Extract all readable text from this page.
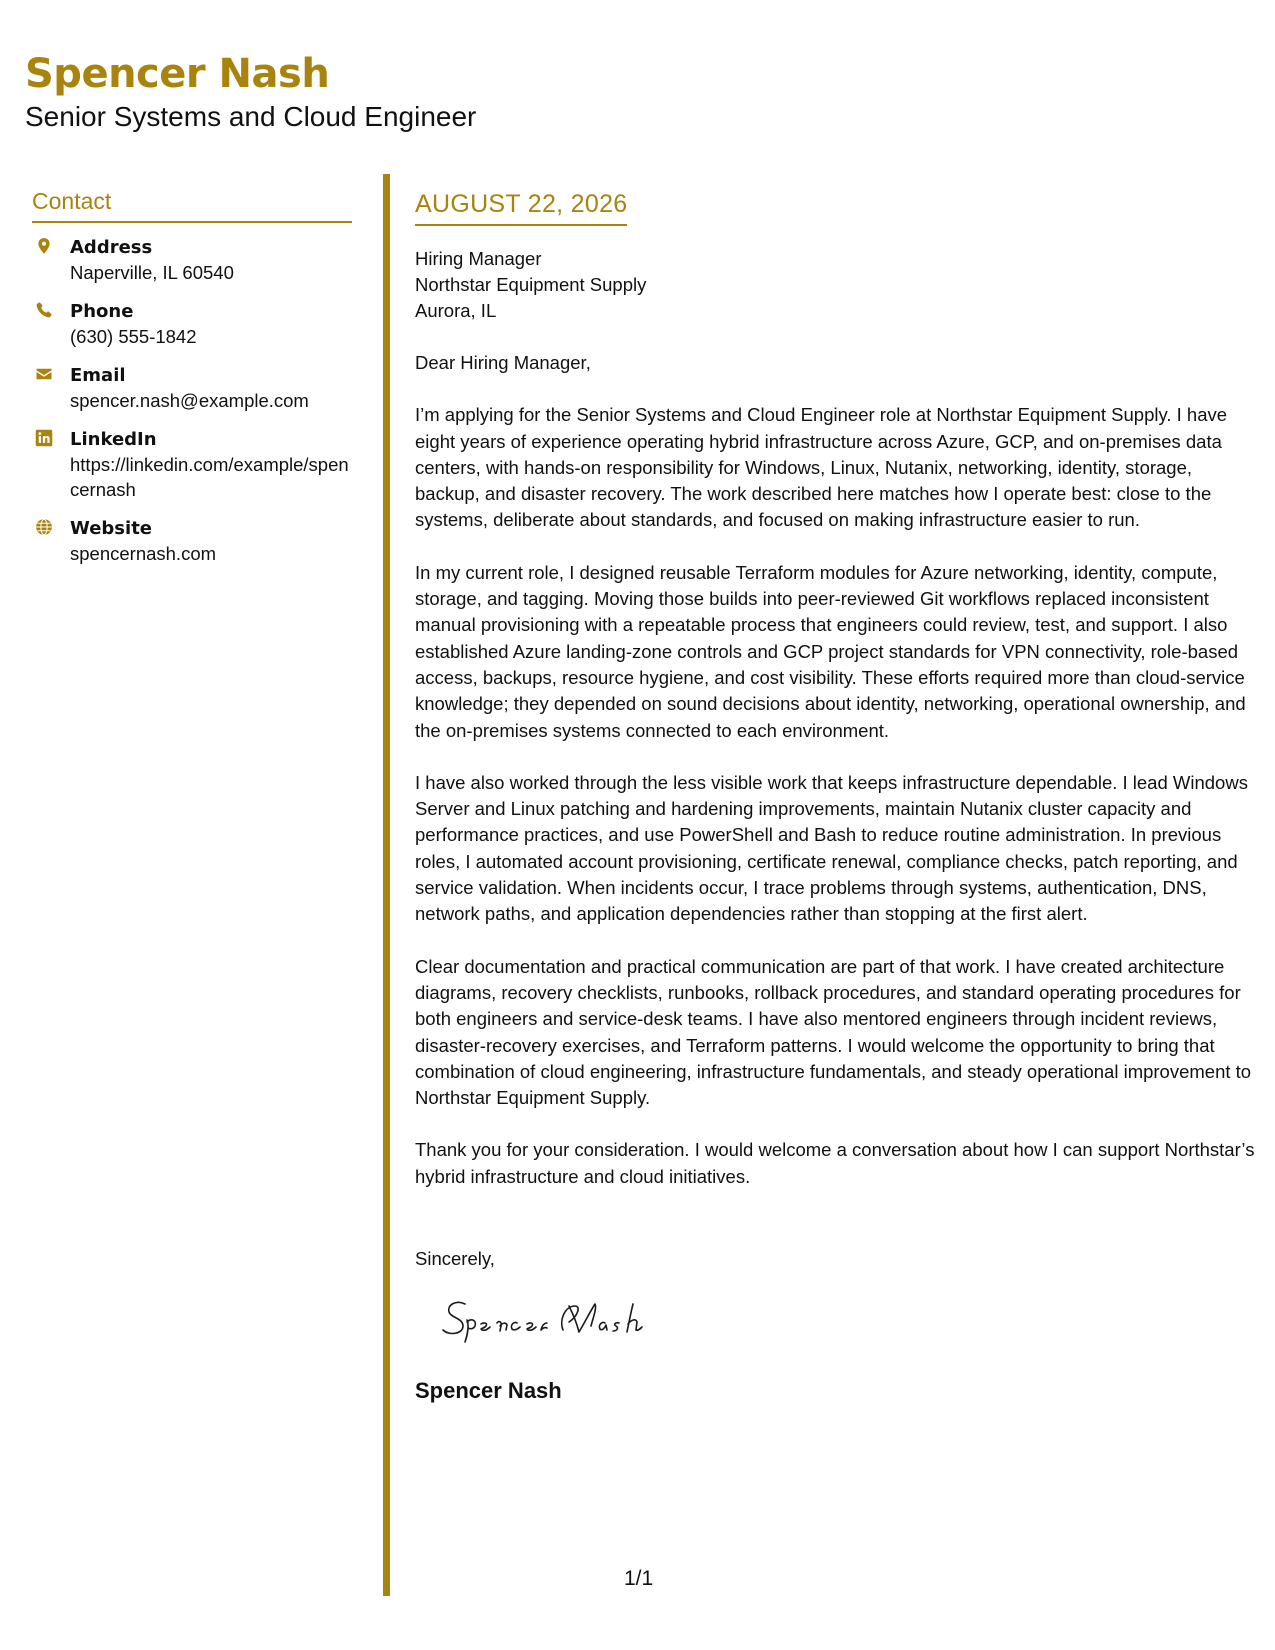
Spencer Nash
Senior Systems and Cloud Engineer
Contact
Address
Naperville, IL 60540
Phone
(630) 555-1842
Email
spencer.nash@example.com
LinkedIn
https://linkedin.com/example/spencernash
Website
spencernash.com
AUGUST 22, 2026
Hiring Manager
Northstar Equipment Supply
Aurora, IL

Dear Hiring Manager,

I’m applying for the Senior Systems and Cloud Engineer role at Northstar Equipment Supply. I have eight years of experience operating hybrid infrastructure across Azure, GCP, and on-premises data centers, with hands-on responsibility for Windows, Linux, Nutanix, networking, identity, storage, backup, and disaster recovery. The work described here matches how I operate best: close to the systems, deliberate about standards, and focused on making infrastructure easier to run.

In my current role, I designed reusable Terraform modules for Azure networking, identity, compute, storage, and tagging. Moving those builds into peer-reviewed Git workflows replaced inconsistent manual provisioning with a repeatable process that engineers could review, test, and support. I also established Azure landing-zone controls and GCP project standards for VPN connectivity, role-based access, backups, resource hygiene, and cost visibility. These efforts required more than cloud-service knowledge; they depended on sound decisions about identity, networking, operational ownership, and the on-premises systems connected to each environment.

I have also worked through the less visible work that keeps infrastructure dependable. I lead Windows Server and Linux patching and hardening improvements, maintain Nutanix cluster capacity and performance practices, and use PowerShell and Bash to reduce routine administration. In previous roles, I automated account provisioning, certificate renewal, compliance checks, patch reporting, and service validation. When incidents occur, I trace problems through systems, authentication, DNS, network paths, and application dependencies rather than stopping at the first alert.

Clear documentation and practical communication are part of that work. I have created architecture diagrams, recovery checklists, runbooks, rollback procedures, and standard operating procedures for both engineers and service-desk teams. I have also mentored engineers through incident reviews, disaster-recovery exercises, and Terraform patterns. I would welcome the opportunity to bring that combination of cloud engineering, infrastructure fundamentals, and steady operational improvement to Northstar Equipment Supply.

Thank you for your consideration. I would welcome a conversation about how I can support Northstar’s hybrid infrastructure and cloud initiatives.

Sincerely,
Spencer Nash
1/1
